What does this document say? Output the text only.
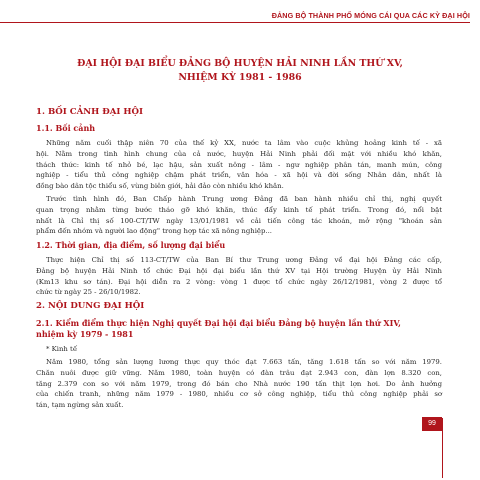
ĐẢNG BỘ THÀNH PHỐ MÓNG CÁI QUA CÁC KỲ ĐẠI HỘI
ĐẠI HỘI ĐẠI BIỂU ĐẢNG BỘ HUYỆN HẢI NINH LẦN THỨ XV,
NHIỆM KỲ 1981 - 1986
1. BỐI CẢNH ĐẠI HỘI
1.1. Bối cảnh
Những năm cuối thập niên 70 của thế kỷ XX, nước ta lâm vào cuộc khủng hoảng kinh tế - xã
hội. Nằm trong tình hình chung của cả nước, huyện Hải Ninh phải đối mặt với nhiều khó khăn,
thách thức: kinh tế nhỏ bé, lạc hậu, sản xuất nông - lâm - ngư nghiệp phân tán, manh mún, công
nghiệp - tiểu thủ công nghiệp chậm phát triển, văn hóa - xã hội và đời sống Nhân dân, nhất là
đồng bào dân tộc thiểu số, vùng biên giới, hải đảo còn nhiều khó khăn.
Trước tình hình đó, Ban Chấp hành Trung ương Đảng đã ban hành nhiều chỉ thị, nghị quyết
quan trọng nhằm từng bước tháo gỡ khó khăn, thúc đẩy kinh tế phát triển. Trong đó, nổi bật
nhất là Chỉ thị số 100-CT/TW ngày 13/01/1981 về cải tiến công tác khoán, mở rộng "khoán sản
phẩm đến nhóm và người lao động" trong hợp tác xã nông nghiệp...
1.2. Thời gian, địa điểm, số lượng đại biểu
Thực hiện Chỉ thị số 113-CT/TW của Ban Bí thư Trung ương Đảng về đại hội Đảng các cấp,
Đảng bộ huyện Hải Ninh tổ chức Đại hội đại biểu lần thứ XV tại Hội trường Huyện ủy Hải Ninh
(Km13 khu sơ tán). Đại hội diễn ra 2 vòng: vòng 1 được tổ chức ngày 26/12/1981, vòng 2 được tổ
chức từ ngày 25 - 26/10/1982.
2. NỘI DUNG ĐẠI HỘI
2.1. Kiểm điểm thực hiện Nghị quyết Đại hội đại biểu Đảng bộ huyện lần thứ XIV,
nhiệm kỳ 1979 - 1981
* Kinh tế
Năm 1980, tổng sản lượng lương thực quy thóc đạt 7.663 tấn, tăng 1.618 tấn so với năm 1979.
Chăn nuôi được giữ vững. Năm 1980, toàn huyện có đàn trâu đạt 2.943 con, đàn lợn 8.320 con,
tăng 2.379 con so với năm 1979, trong đó bán cho Nhà nước 190 tấn thịt lợn hơi. Do ảnh hưởng
của chiến tranh, những năm 1979 - 1980, nhiều cơ sở công nghiệp, tiểu thủ công nghiệp phải sơ
tán, tạm ngừng sản xuất.
99
